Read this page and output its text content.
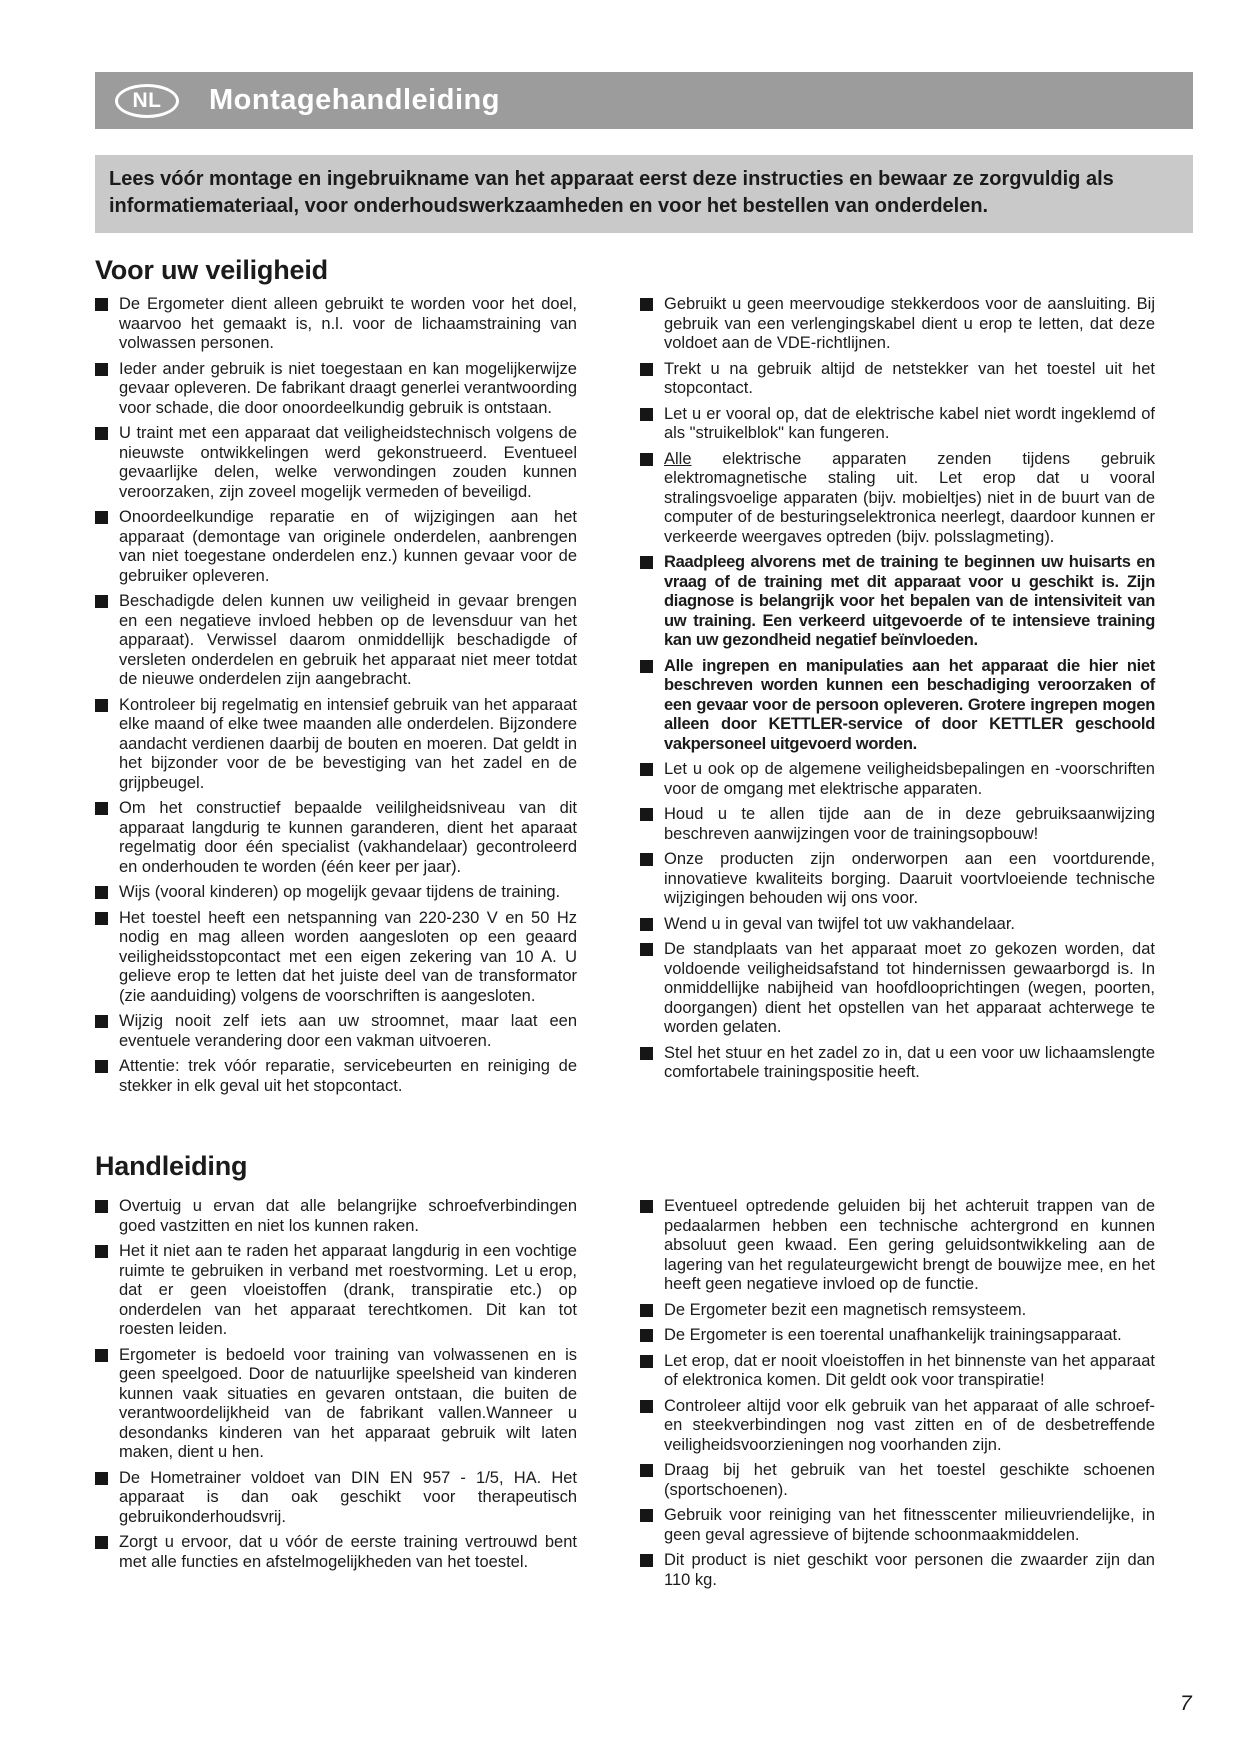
NL Montagehandleiding
Lees vóór montage en ingebruikname van het apparaat eerst deze instructies en bewaar ze zorgvuldig als informatiemateriaal, voor onderhoudswerkzaamheden en voor het bestellen van onderdelen.
Voor uw veiligheid
De Ergometer dient alleen gebruikt te worden voor het doel, waarvoo het gemaakt is, n.l. voor de lichaamstraining van volwassen personen.
Ieder ander gebruik is niet toegestaan en kan mogelijkerwijze gevaar opleveren. De fabrikant draagt generlei verantwoording voor schade, die door onoordeelkundig gebruik is ontstaan.
U traint met een apparaat dat veiligheidstechnisch volgens de nieuwste ontwikkelingen werd gekonstrueerd. Eventueel gevaarlijke delen, welke verwondingen zouden kunnen veroorzaken, zijn zoveel mogelijk vermeden of beveiligd.
Onoordeelkundige reparatie en of wijzigingen aan het apparaat (demontage van originele onderdelen, aanbrengen van niet toegestane onderdelen enz.) kunnen gevaar voor de gebruiker opleveren.
Beschadigde delen kunnen uw veiligheid in gevaar brengen en een negatieve invloed hebben op de levensduur van het apparaat). Verwissel daarom onmiddellijk beschadigde of versleten onderdelen en gebruik het apparaat niet meer totdat de nieuwe onderdelen zijn aangebracht.
Kontroleer bij regelmatig en intensief gebruik van het apparaat elke maand of elke twee maanden alle onderdelen. Bijzondere aandacht verdienen daarbij de bouten en moeren. Dat geldt in het bijzonder voor de be bevestiging van het zadel en de grijpbeugel.
Om het constructief bepaalde veililgheidsniveau van dit apparaat langdurig te kunnen garanderen, dient het aparaat regelmatig door één specialist (vakhandelaar) gecontroleerd en onderhouden te worden (één keer per jaar).
Wijs (vooral kinderen) op mogelijk gevaar tijdens de training.
Het toestel heeft een netspanning van 220-230 V en 50 Hz nodig en mag alleen worden aangesloten op een geaard veiligheidsstopcontact met een eigen zekering van 10 A. U gelieve erop te letten dat het juiste deel van de transformator (zie aanduiding) volgens de voorschriften is aangesloten.
Wijzig nooit zelf iets aan uw stroomnet, maar laat een eventuele verandering door een vakman uitvoeren.
Attentie: trek vóór reparatie, servicebeurten en reiniging de stekker in elk geval uit het stopcontact.
Gebruikt u geen meervoudige stekkerdoos voor de aansluiting. Bij gebruik van een verlengingskabel dient u erop te letten, dat deze voldoet aan de VDE-richtlijnen.
Trekt u na gebruik altijd de netstekker van het toestel uit het stopcontact.
Let u er vooral op, dat de elektrische kabel niet wordt ingeklemd of als "struikelblok" kan fungeren.
Alle elektrische apparaten zenden tijdens gebruik elektromagnetische staling uit. Let erop dat u vooral stralingsvoelige apparaten (bijv. mobieltjes) niet in de buurt van de computer of de besturingselektronica neerlegt, daardoor kunnen er verkeerde weergaves optreden (bijv. polsslagmeting).
Raadpleeg alvorens met de training te beginnen uw huisarts en vraag of de training met dit apparaat voor u geschikt is. Zijn diagnose is belangrijk voor het bepalen van de intensiviteit van uw training. Een verkeerd uitgevoerde of te intensieve training kan uw gezondheid negatief beïnvloeden.
Alle ingrepen en manipulaties aan het apparaat die hier niet beschreven worden kunnen een beschadiging veroorzaken of een gevaar voor de persoon opleveren. Grotere ingrepen mogen alleen door KETTLER-service of door KETTLER geschoold vakpersoneel uitgevoerd worden.
Let u ook op de algemene veiligheidsbepalingen en -voorschriften voor de omgang met elektrische apparaten.
Houd u te allen tijde aan de in deze gebruiksaanwijzing beschreven aanwijzingen voor de trainingsopbouw!
Onze producten zijn onderworpen aan een voortdurende, innovatieve kwaliteits borging. Daaruit voortvloeiende technische wijzigingen behouden wij ons voor.
Wend u in geval van twijfel tot uw vakhandelaar.
De standplaats van het apparaat moet zo gekozen worden, dat voldoende veiligheidsafstand tot hindernissen gewaarborgd is. In onmiddellijke nabijheid van hoofdlooprichtingen (wegen, poorten, doorgangen) dient het opstellen van het apparaat achterwege te worden gelaten.
Stel het stuur en het zadel zo in, dat u een voor uw lichaamslengte comfortabele trainingspositie heeft.
Handleiding
Overtuig u ervan dat alle belangrijke schroefverbindingen goed vastzitten en niet los kunnen raken.
Het it niet aan te raden het apparaat langdurig in een vochtige ruimte te gebruiken in verband met roestvorming. Let u erop, dat er geen vloeistoffen (drank, transpiratie etc.) op onderdelen van het apparaat terechtkomen. Dit kan tot roesten leiden.
Ergometer is bedoeld voor training van volwassenen en is geen speelgoed. Door de natuurlijke speelsheid van kinderen kunnen vaak situaties en gevaren ontstaan, die buiten de verantwoordelijkheid van de fabrikant vallen.Wanneer u desondanks kinderen van het apparaat gebruik wilt laten maken, dient u hen.
De Hometrainer voldoet van DIN EN 957 - 1/5, HA. Het apparaat is dan oak geschikt voor therapeutisch gebruikonderhoudsvrij.
Zorgt u ervoor, dat u vóór de eerste training vertrouwd bent met alle functies en afstelmogelijkheden van het toestel.
Eventueel optredende geluiden bij het achteruit trappen van de pedaalarmen hebben een technische achtergrond en kunnen absoluut geen kwaad. Een gering geluidsontwikkeling aan de lagering van het regulateurgewicht brengt de bouwijze mee, en het heeft geen negatieve invloed op de functie.
De Ergometer bezit een magnetisch remsysteem.
De Ergometer is een toerental unafhankelijk trainingsapparaat.
Let erop, dat er nooit vloeistoffen in het binnenste van het apparaat of elektronica komen. Dit geldt ook voor transpiratie!
Controleer altijd voor elk gebruik van het apparaat of alle schroef- en steekverbindingen nog vast zitten en of de desbetreffende veiligheidsvoorzieningen nog voorhanden zijn.
Draag bij het gebruik van het toestel geschikte schoenen (sportschoenen).
Gebruik voor reiniging van het fitnesscenter milieuvriendelijke, in geen geval agressieve of bijtende schoonmaakmiddelen.
Dit product is niet geschikt voor personen die zwaarder zijn dan 110 kg.
7
